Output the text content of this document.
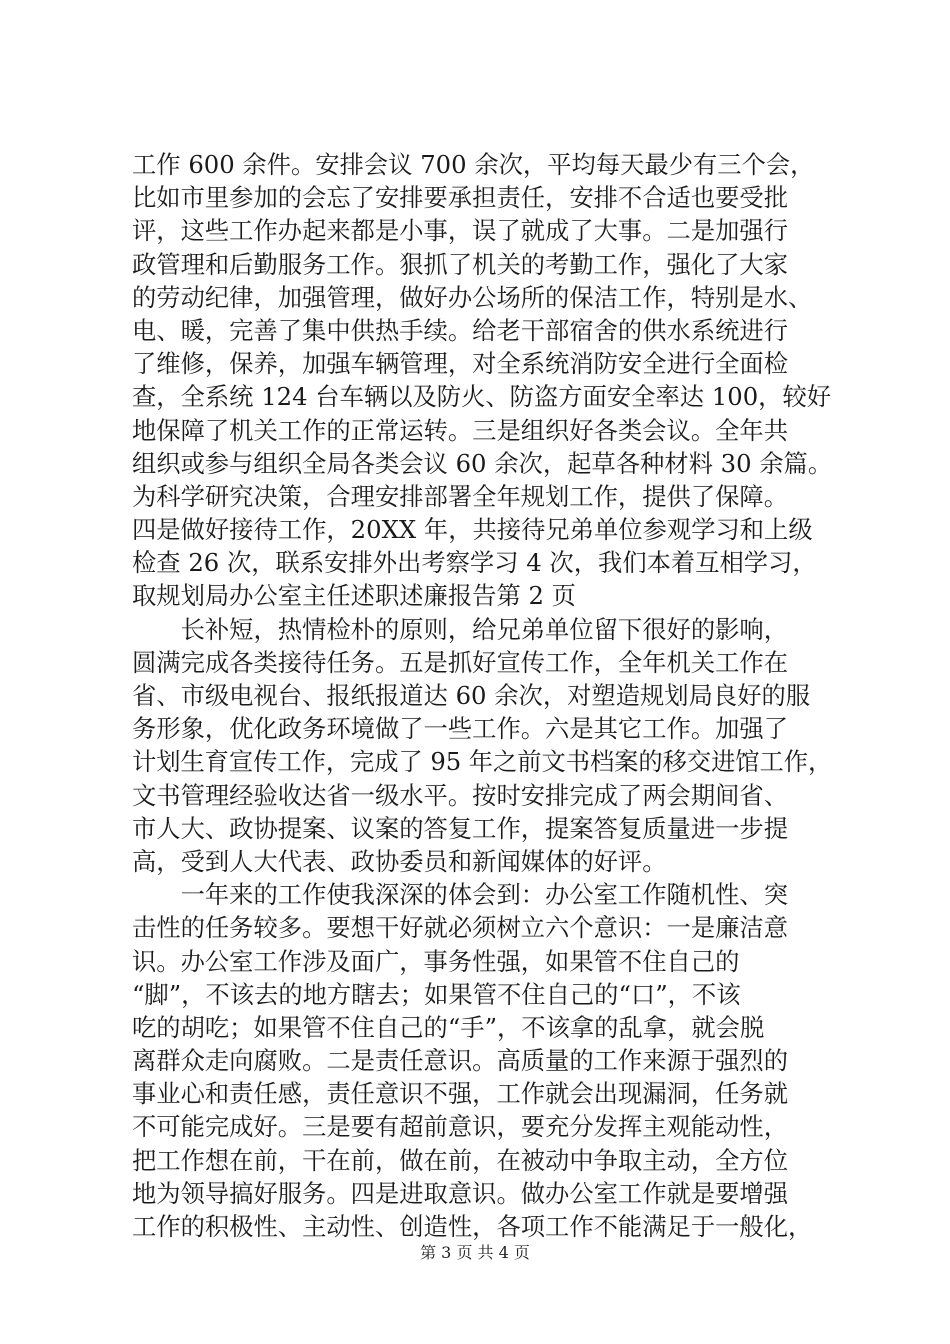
工作 600 余件。安排会议 700 余次，平均每天最少有三个会，
比如市里参加的会忘了安排要承担责任，安排不合适也要受批
评，这些工作办起来都是小事，误了就成了大事。二是加强行
政管理和后勤服务工作。狠抓了机关的考勤工作，强化了大家
的劳动纪律，加强管理，做好办公场所的保洁工作，特别是水、
电、暖，完善了集中供热手续。给老干部宿舍的供水系统进行
了维修，保养，加强车辆管理，对全系统消防安全进行全面检
查，全系统 124 台车辆以及防火、防盗方面安全率达 100，较好
地保障了机关工作的正常运转。三是组织好各类会议。全年共
组织或参与组织全局各类会议 60 余次，起草各种材料 30 余篇。
为科学研究决策，合理安排部署全年规划工作，提供了保障。
四是做好接待工作，20XX 年，共接待兄弟单位参观学习和上级
检查 26 次，联系安排外出考察学习 4 次，我们本着互相学习，
取规划局办公室主任述职述廉报告第 2 页
　　长补短，热情检朴的原则，给兄弟单位留下很好的影响，
圆满完成各类接待任务。五是抓好宣传工作，全年机关工作在
省、市级电视台、报纸报道达 60 余次，对塑造规划局良好的服
务形象，优化政务环境做了一些工作。六是其它工作。加强了
计划生育宣传工作，完成了 95 年之前文书档案的移交进馆工作，
文书管理经验收达省一级水平。按时安排完成了两会期间省、
市人大、政协提案、议案的答复工作，提案答复质量进一步提
高，受到人大代表、政协委员和新闻媒体的好评。
　　一年来的工作使我深深的体会到：办公室工作随机性、突
击性的任务较多。要想干好就必须树立六个意识：一是廉洁意
识。办公室工作涉及面广，事务性强，如果管不住自己的
“脚”，不该去的地方瞎去；如果管不住自己的“口”，不该
吃的胡吃；如果管不住自己的“手”，不该拿的乱拿，就会脱
离群众走向腐败。二是责任意识。高质量的工作来源于强烈的
事业心和责任感，责任意识不强，工作就会出现漏洞，任务就
不可能完成好。三是要有超前意识，要充分发挥主观能动性，
把工作想在前，干在前，做在前，在被动中争取主动，全方位
地为领导搞好服务。四是进取意识。做办公室工作就是要增强
工作的积极性、主动性、创造性，各项工作不能满足于一般化，
第 3 页 共 4 页
